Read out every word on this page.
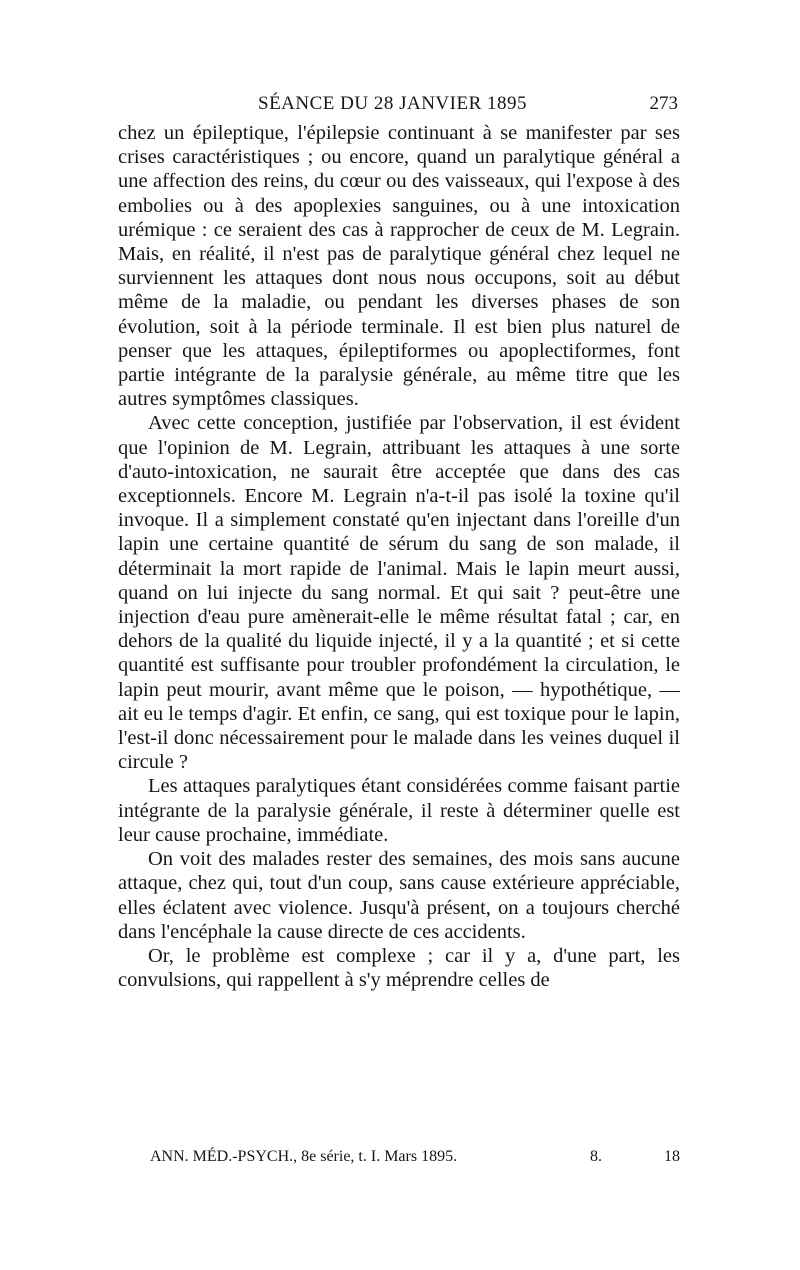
SÉANCE DU 28 JANVIER 1895	273

chez un épileptique, l'épilepsie continuant à se manifester par ses crises caractéristiques ; ou encore, quand un paralytique général a une affection des reins, du cœur ou des vaisseaux, qui l'expose à des embolies ou à des apoplexies sanguines, ou à une intoxication urémique : ce seraient des cas à rapprocher de ceux de M. Legrain. Mais, en réalité, il n'est pas de paralytique général chez lequel ne surviennent les attaques dont nous nous occupons, soit au début même de la maladie, ou pendant les diverses phases de son évolution, soit à la période terminale. Il est bien plus naturel de penser que les attaques, épileptiformes ou apoplectiformes, font partie intégrante de la paralysie générale, au même titre que les autres symptômes classiques.

Avec cette conception, justifiée par l'observation, il est évident que l'opinion de M. Legrain, attribuant les attaques à une sorte d'auto-intoxication, ne saurait être acceptée que dans des cas exceptionnels. Encore M. Legrain n'a-t-il pas isolé la toxine qu'il invoque. Il a simplement constaté qu'en injectant dans l'oreille d'un lapin une certaine quantité de sérum du sang de son malade, il déterminait la mort rapide de l'animal. Mais le lapin meurt aussi, quand on lui injecte du sang normal. Et qui sait ? peut-être une injection d'eau pure amènerait-elle le même résultat fatal ; car, en dehors de la qualité du liquide injecté, il y a la quantité ; et si cette quantité est suffisante pour troubler profondément la circulation, le lapin peut mourir, avant même que le poison, — hypothétique, — ait eu le temps d'agir. Et enfin, ce sang, qui est toxique pour le lapin, l'est-il donc nécessairement pour le malade dans les veines duquel il circule ?

Les attaques paralytiques étant considérées comme faisant partie intégrante de la paralysie générale, il reste à déterminer quelle est leur cause prochaine, immédiate.

On voit des malades rester des semaines, des mois sans aucune attaque, chez qui, tout d'un coup, sans cause extérieure appréciable, elles éclatent avec violence. Jusqu'à présent, on a toujours cherché dans l'encéphale la cause directe de ces accidents.

Or, le problème est complexe ; car il y a, d'une part, les convulsions, qui rappellent à s'y méprendre celles de

ANN. MÉD.-PSYCH., 8e série, t. I. Mars 1895.	8.	18
